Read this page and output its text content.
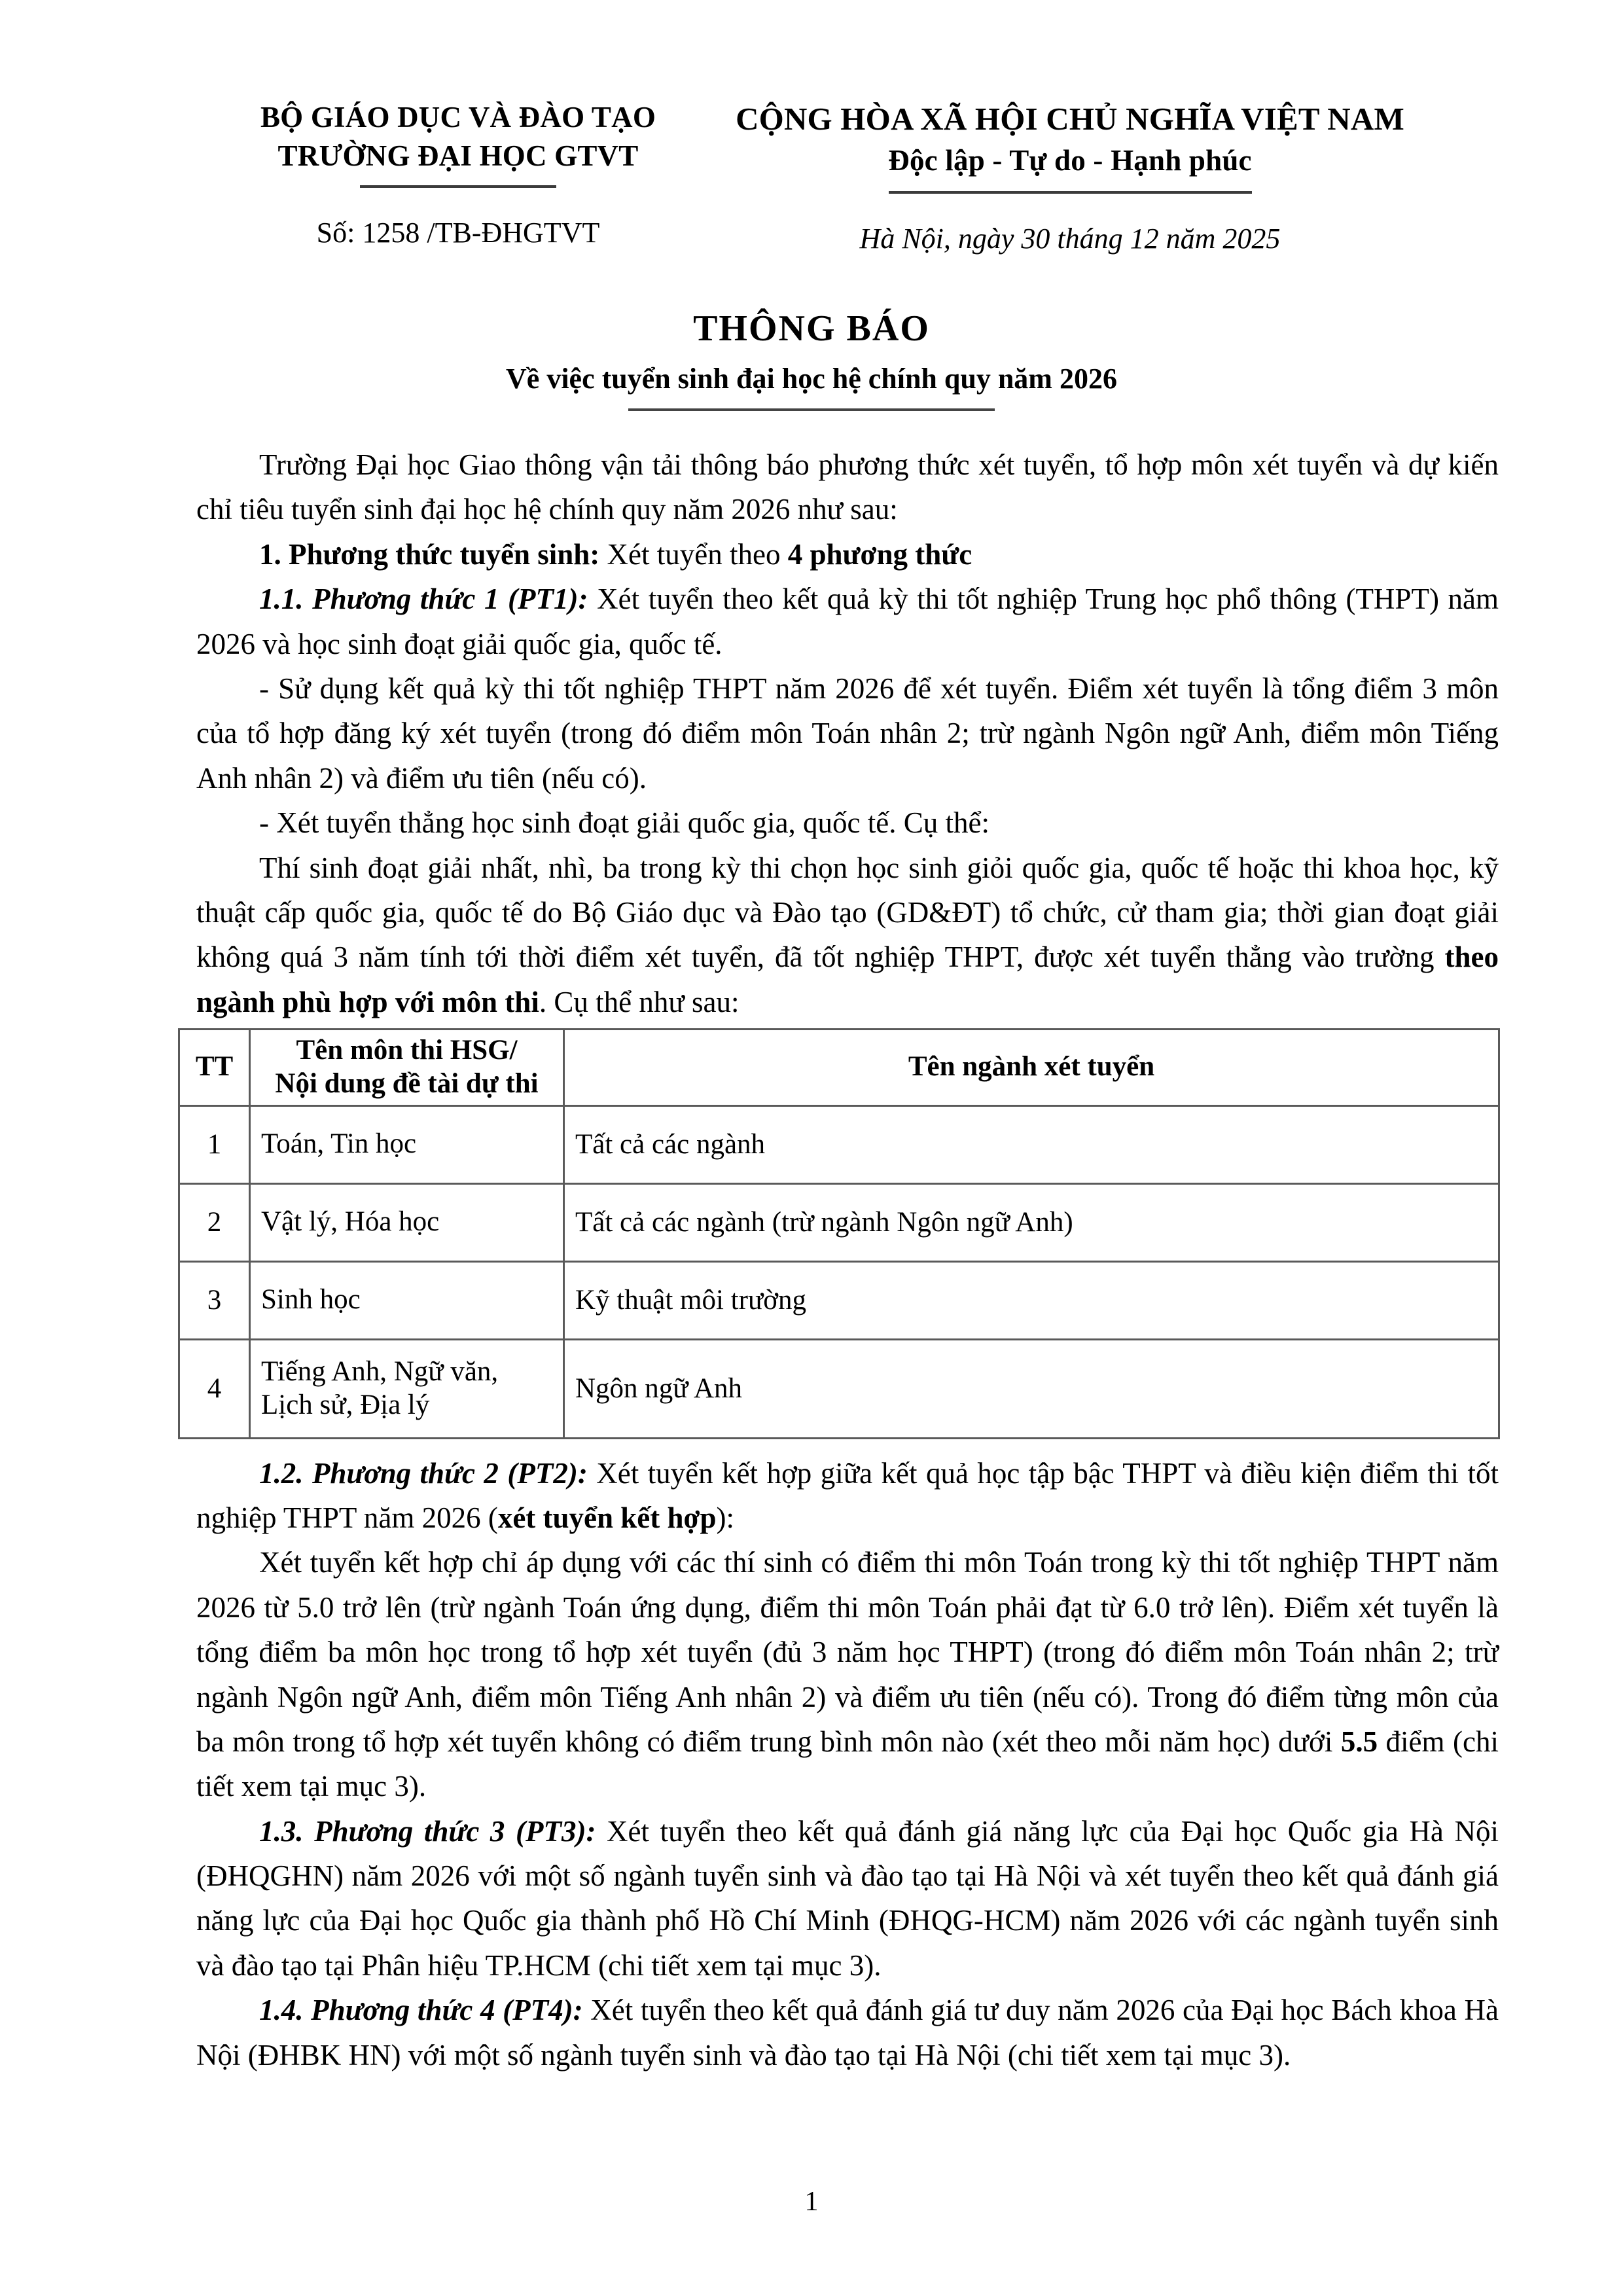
BỘ GIÁO DỤC VÀ ĐÀO TẠO
TRƯỜNG ĐẠI HỌC GTVT
Số: 1258 /TB-ĐHGTVT
CỘNG HÒA XÃ HỘI CHỦ NGHĨA VIỆT NAM
Độc lập - Tự do - Hạnh phúc
Hà Nội, ngày 30 tháng 12 năm 2025
THÔNG BÁO
Về việc tuyển sinh đại học hệ chính quy năm 2026

Trường Đại học Giao thông vận tải thông báo phương thức xét tuyển, tổ hợp môn xét tuyển và dự kiến chỉ tiêu tuyển sinh đại học hệ chính quy năm 2026 như sau:

1. Phương thức tuyển sinh: Xét tuyển theo 4 phương thức

1.1. Phương thức 1 (PT1): Xét tuyển theo kết quả kỳ thi tốt nghiệp Trung học phổ thông (THPT) năm 2026 và học sinh đoạt giải quốc gia, quốc tế.

- Sử dụng kết quả kỳ thi tốt nghiệp THPT năm 2026 để xét tuyển. Điểm xét tuyển là tổng điểm 3 môn của tổ hợp đăng ký xét tuyển (trong đó điểm môn Toán nhân 2; trừ ngành Ngôn ngữ Anh, điểm môn Tiếng Anh nhân 2) và điểm ưu tiên (nếu có).

- Xét tuyển thẳng học sinh đoạt giải quốc gia, quốc tế. Cụ thể:

Thí sinh đoạt giải nhất, nhì, ba trong kỳ thi chọn học sinh giỏi quốc gia, quốc tế hoặc thi khoa học, kỹ thuật cấp quốc gia, quốc tế do Bộ Giáo dục và Đào tạo (GD&ĐT) tổ chức, cử tham gia; thời gian đoạt giải không quá 3 năm tính tới thời điểm xét tuyển, đã tốt nghiệp THPT, được xét tuyển thẳng vào trường theo ngành phù hợp với môn thi. Cụ thể như sau:

TT	Tên môn thi HSG/
Nội dung đề tài dự thi	Tên ngành xét tuyển
1	Toán, Tin học	Tất cả các ngành
2	Vật lý, Hóa học	Tất cả các ngành (trừ ngành Ngôn ngữ Anh)
3	Sinh học	Kỹ thuật môi trường
4	Tiếng Anh, Ngữ văn,
Lịch sử, Địa lý	Ngôn ngữ Anh

1.2. Phương thức 2 (PT2): Xét tuyển kết hợp giữa kết quả học tập bậc THPT và điều kiện điểm thi tốt nghiệp THPT năm 2026 (xét tuyển kết hợp):

Xét tuyển kết hợp chỉ áp dụng với các thí sinh có điểm thi môn Toán trong kỳ thi tốt nghiệp THPT năm 2026 từ 5.0 trở lên (trừ ngành Toán ứng dụng, điểm thi môn Toán phải đạt từ 6.0 trở lên). Điểm xét tuyển là tổng điểm ba môn học trong tổ hợp xét tuyển (đủ 3 năm học THPT) (trong đó điểm môn Toán nhân 2; trừ ngành Ngôn ngữ Anh, điểm môn Tiếng Anh nhân 2) và điểm ưu tiên (nếu có). Trong đó điểm từng môn của ba môn trong tổ hợp xét tuyển không có điểm trung bình môn nào (xét theo mỗi năm học) dưới 5.5 điểm (chi tiết xem tại mục 3).

1.3. Phương thức 3 (PT3): Xét tuyển theo kết quả đánh giá năng lực của Đại học Quốc gia Hà Nội (ĐHQGHN) năm 2026 với một số ngành tuyển sinh và đào tạo tại Hà Nội và xét tuyển theo kết quả đánh giá năng lực của Đại học Quốc gia thành phố Hồ Chí Minh (ĐHQG-HCM) năm 2026 với các ngành tuyển sinh và đào tạo tại Phân hiệu TP.HCM (chi tiết xem tại mục 3).

1.4. Phương thức 4 (PT4): Xét tuyển theo kết quả đánh giá tư duy năm 2026 của Đại học Bách khoa Hà Nội (ĐHBK HN) với một số ngành tuyển sinh và đào tạo tại Hà Nội (chi tiết xem tại mục 3).

1
